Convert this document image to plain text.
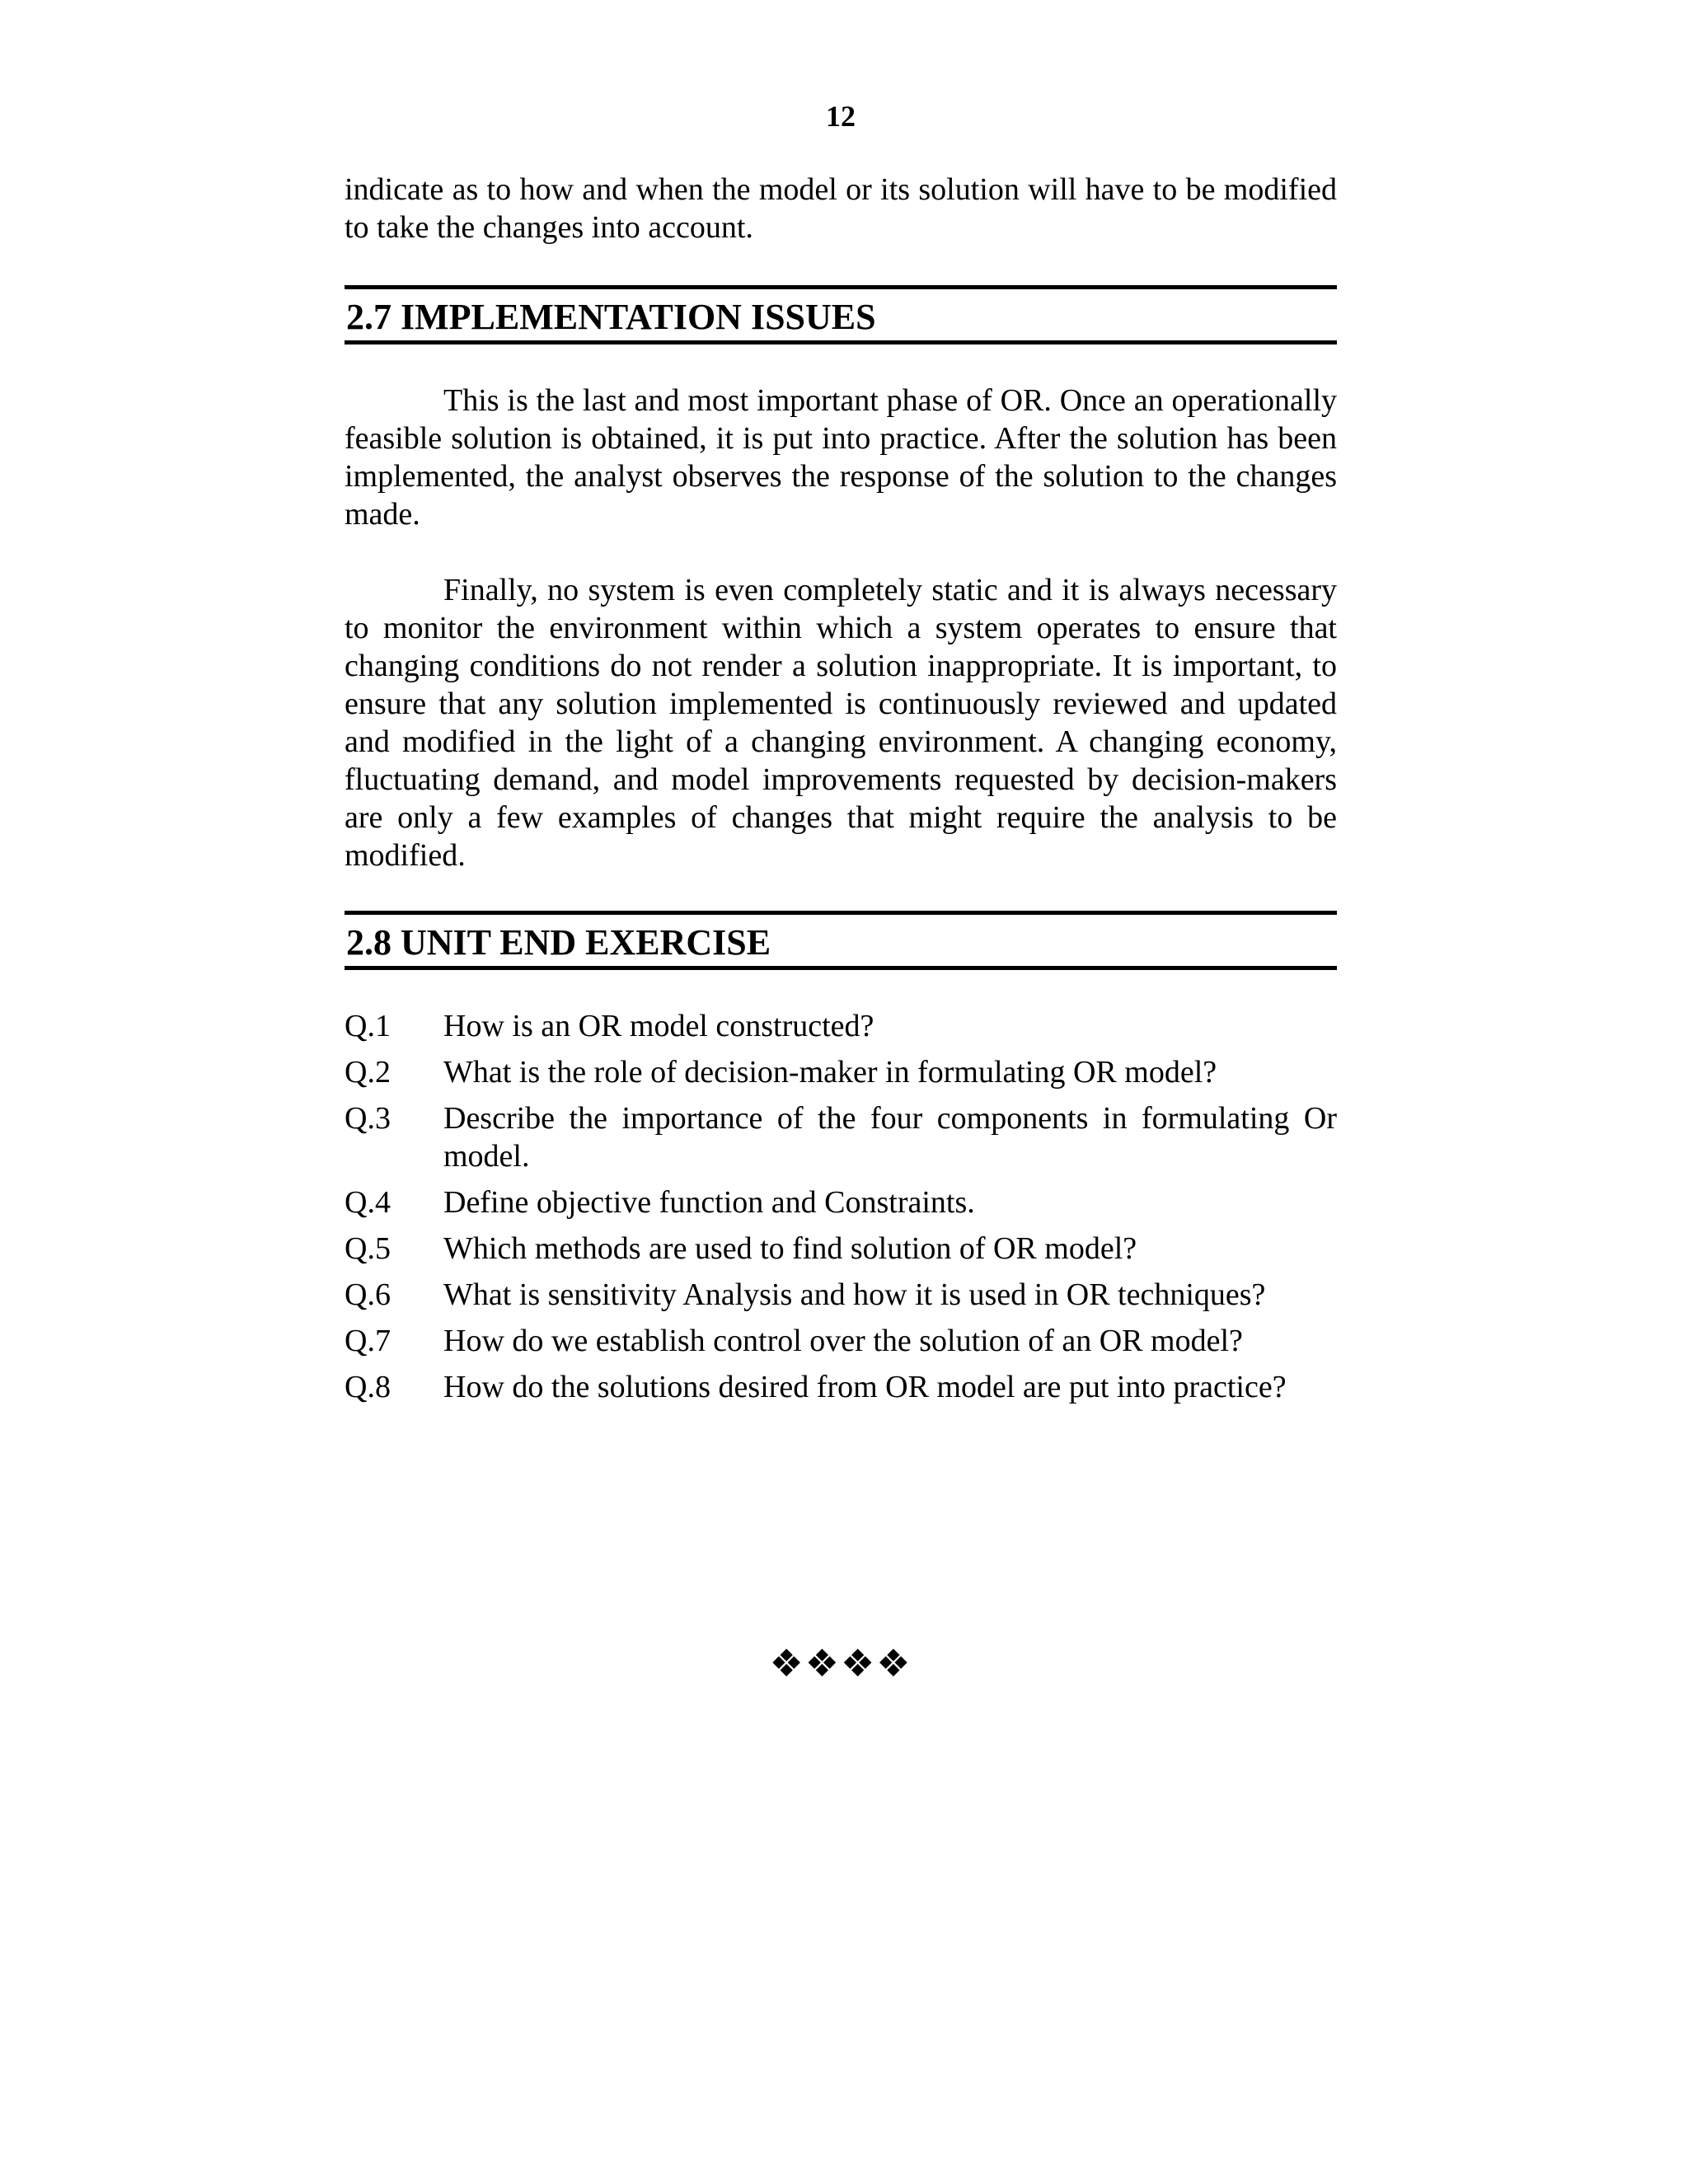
12

indicate as to how and when the model or its solution will have to be modified to take the changes into account.

2.7 IMPLEMENTATION ISSUES

This is the last and most important phase of OR. Once an operationally feasible solution is obtained, it is put into practice. After the solution has been implemented, the analyst observes the response of the solution to the changes made.

Finally, no system is even completely static and it is always necessary to monitor the environment within which a system operates to ensure that changing conditions do not render a solution inappropriate. It is important, to ensure that any solution implemented is continuously reviewed and updated and modified in the light of a changing environment. A changing economy, fluctuating demand, and model improvements requested by decision-makers are only a few examples of changes that might require the analysis to be modified.

2.8 UNIT END EXERCISE
Q.1	How is an OR model constructed?
Q.2	What is the role of decision-maker in formulating OR model?
Q.3	Describe the importance of the four components in formulating Or model.
Q.4	Define objective function and Constraints.
Q.5	Which methods are used to find solution of OR model?
Q.6	What is sensitivity Analysis and how it is used in OR techniques?
Q.7	How do we establish control over the solution of an OR model?
Q.8	How do the solutions desired from OR model are put into practice?
❖❖❖❖
